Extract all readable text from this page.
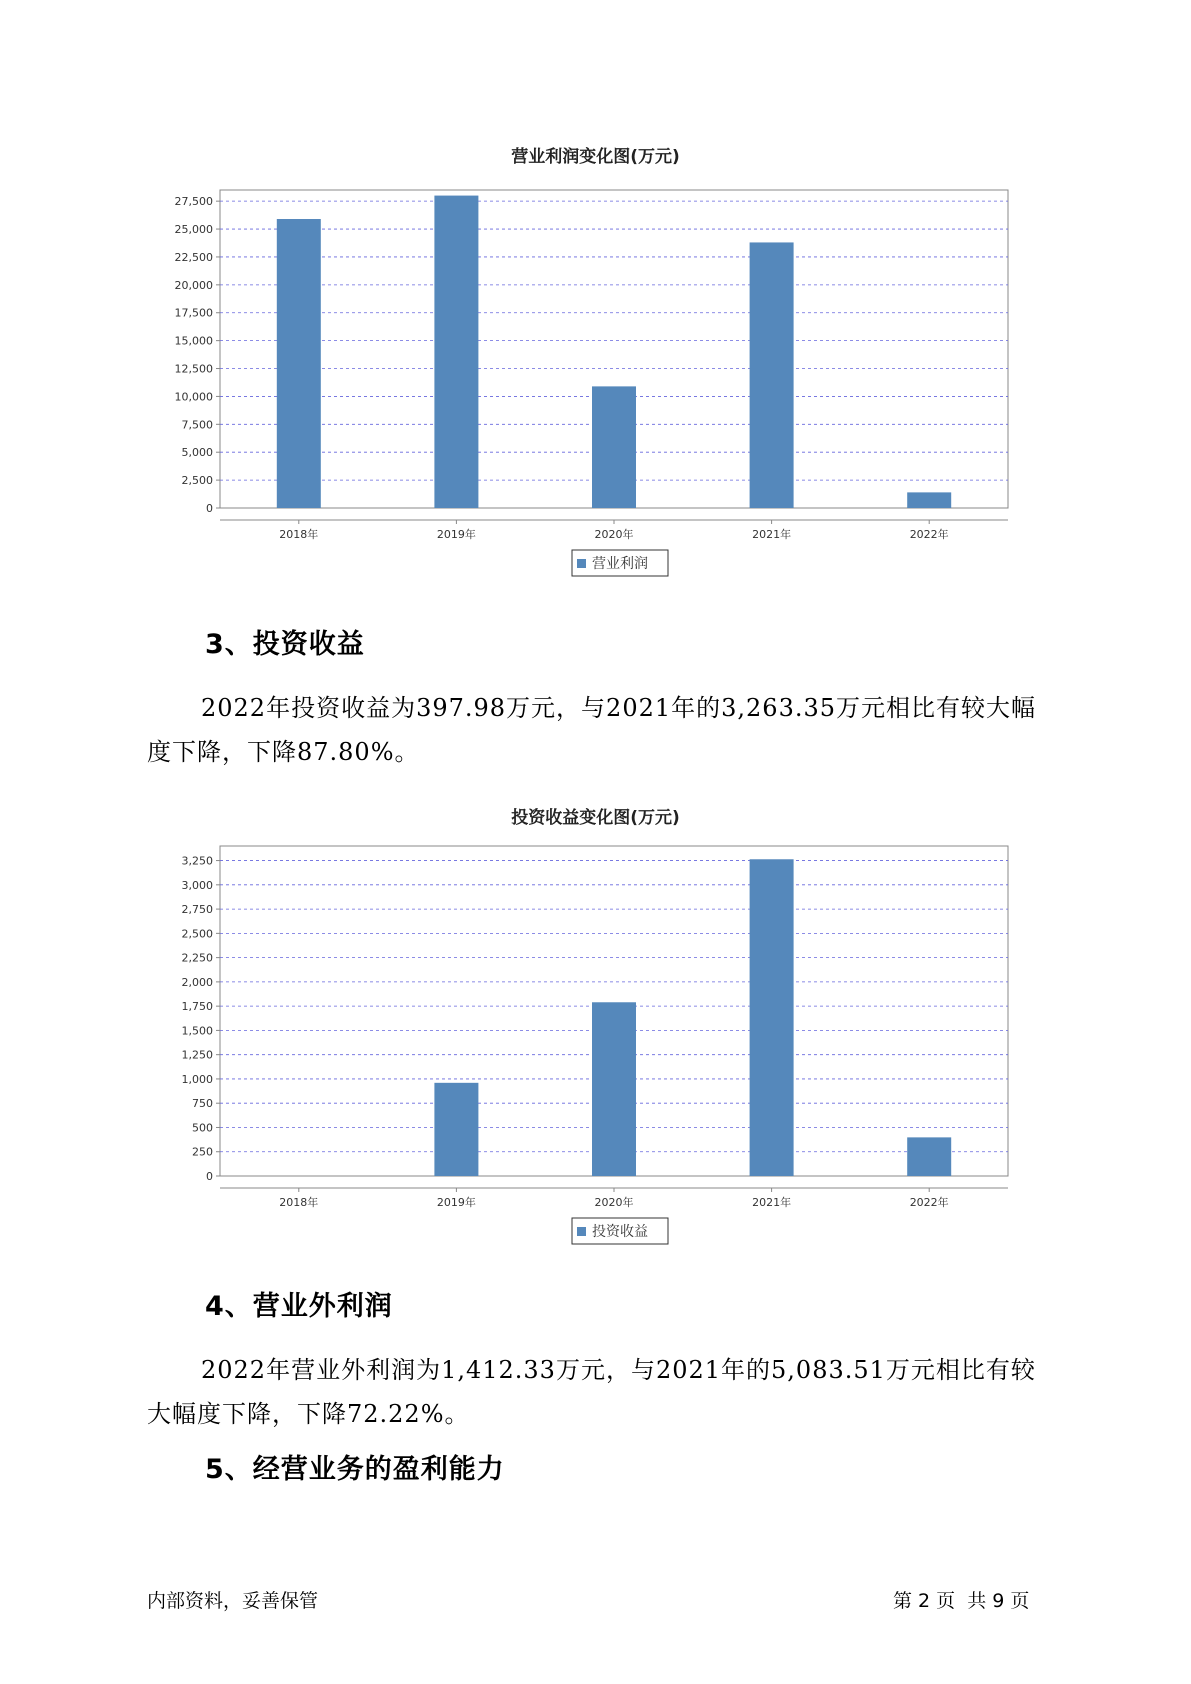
营业利润变化图(万元)
0
2,500
5,000
7,500
10,000
12,500
15,000
17,500
20,000
22,500
25,000
27,500
2018年	2019年	2020年	2021年	2022年
营业利润
3、投资收益

2022年投资收益为397.98万元，与2021年的3,263.35万元相比有较大幅度下降，下降87.80%。

投资收益变化图(万元)
0
250
500
750
1,000
1,250
1,500
1,750
2,000
2,250
2,500
2,750
3,000
3,250
2018年	2019年	2020年	2021年	2022年
投资收益
4、营业外利润

2022年营业外利润为1,412.33万元，与2021年的5,083.51万元相比有较大幅度下降，下降72.22%。

5、经营业务的盈利能力
内部资料，妥善保管	第 2 页  共 9 页
